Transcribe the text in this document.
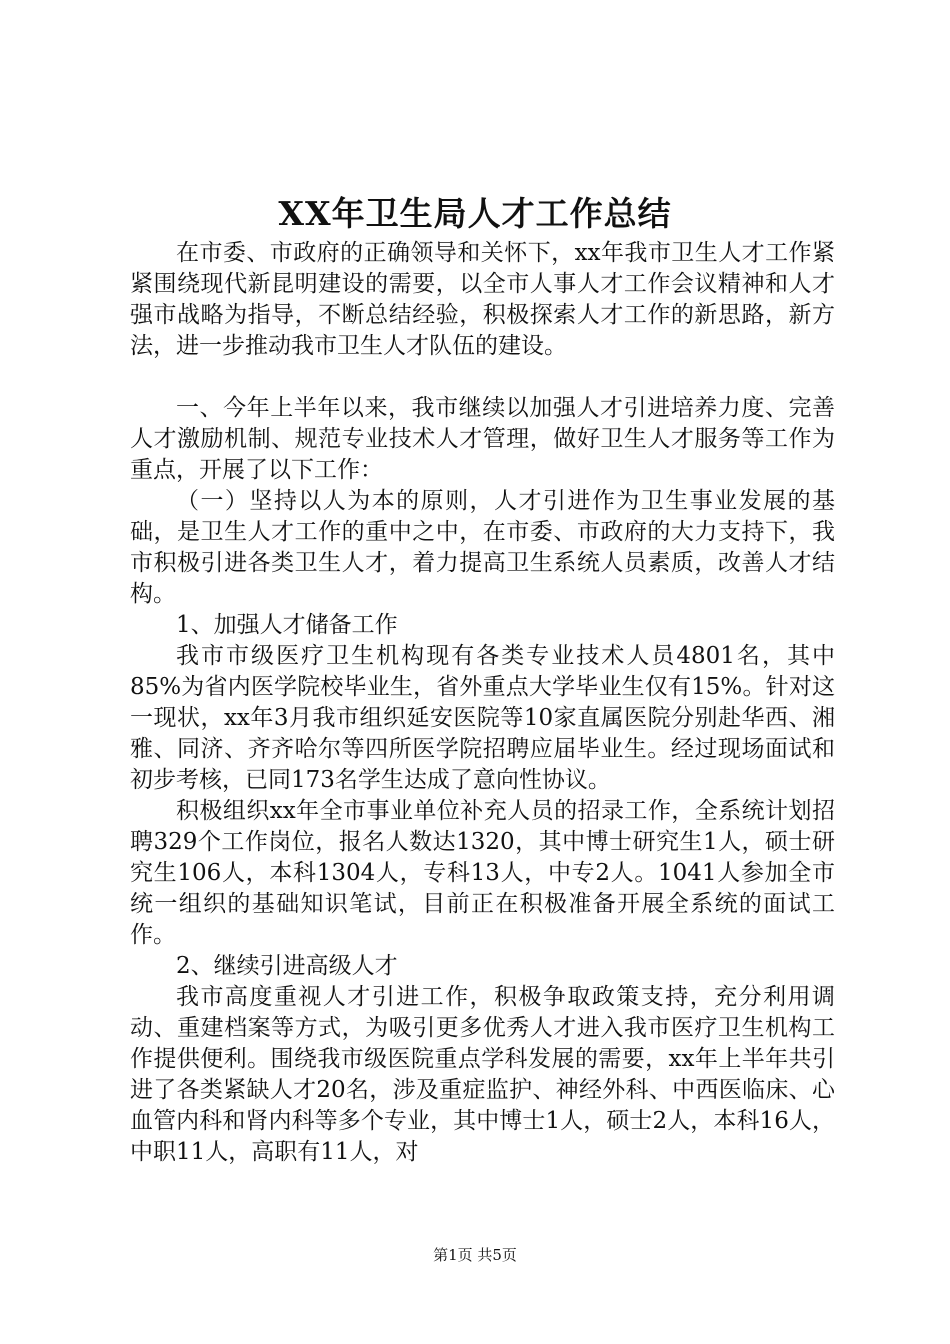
XX年卫生局人才工作总结

在市委、市政府的正确领导和关怀下，xx年我市卫生人才工作紧紧围绕现代新昆明建设的需要，以全市人事人才工作会议精神和人才强市战略为指导，不断总结经验，积极探索人才工作的新思路，新方法，进一步推动我市卫生人才队伍的建设。

一、今年上半年以来，我市继续以加强人才引进培养力度、完善人才激励机制、规范专业技术人才管理，做好卫生人才服务等工作为重点，开展了以下工作：

（一）坚持以人为本的原则，人才引进作为卫生事业发展的基础，是卫生人才工作的重中之中，在市委、市政府的大力支持下，我市积极引进各类卫生人才，着力提高卫生系统人员素质，改善人才结构。

1、加强人才储备工作

我市市级医疗卫生机构现有各类专业技术人员4801名，其中85%为省内医学院校毕业生，省外重点大学毕业生仅有15%。针对这一现状，xx年3月我市组织延安医院等10家直属医院分别赴华西、湘雅、同济、齐齐哈尔等四所医学院招聘应届毕业生。经过现场面试和初步考核，已同173名学生达成了意向性协议。

积极组织xx年全市事业单位补充人员的招录工作，全系统计划招聘329个工作岗位，报名人数达1320，其中博士研究生1人，硕士研究生106人，本科1304人，专科13人，中专2人。1041人参加全市统一组织的基础知识笔试，目前正在积极准备开展全系统的面试工作。

2、继续引进高级人才

我市高度重视人才引进工作，积极争取政策支持，充分利用调动、重建档案等方式，为吸引更多优秀人才进入我市医疗卫生机构工作提供便利。围绕我市级医院重点学科发展的需要，xx年上半年共引进了各类紧缺人才20名，涉及重症监护、神经外科、中西医临床、心血管内科和肾内科等多个专业，其中博士1人，硕士2人，本科16人，中职11人，高职有11人，对

第1页 共5页
